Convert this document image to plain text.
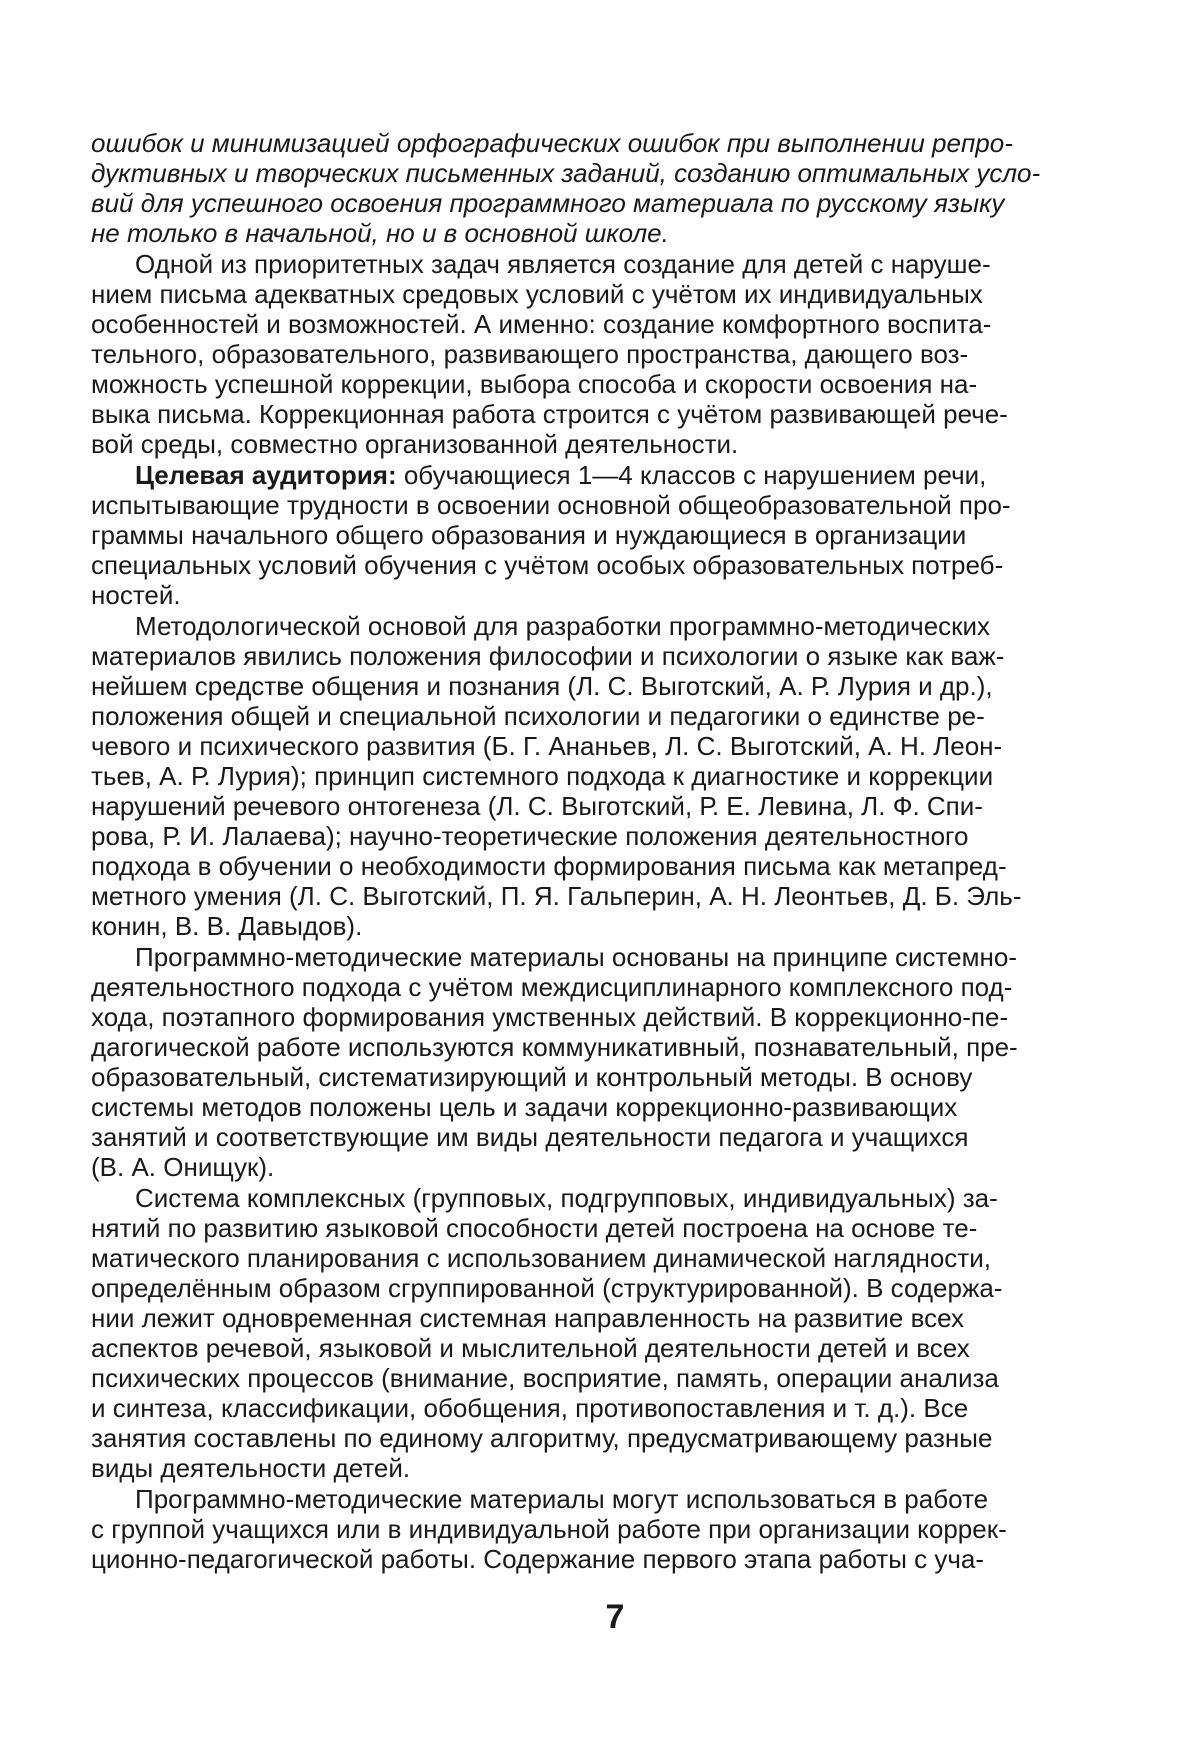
ошибок и минимизацией орфографических ошибок при выполнении репро-
дуктивных и творческих письменных заданий, созданию оптимальных усло-
вий для успешного освоения программного материала по русскому языку
не только в начальной, но и в основной школе.
Одной из приоритетных задач является создание для детей с наруше-
нием письма адекватных средовых условий с учётом их индивидуальных
особенностей и возможностей. А именно: создание комфортного воспита-
тельного, образовательного, развивающего пространства, дающего воз-
можность успешной коррекции, выбора способа и скорости освоения на-
выка письма. Коррекционная работа строится с учётом развивающей рече-
вой среды, совместно организованной деятельности.
Целевая аудитория: обучающиеся 1—4 классов с нарушением речи,
испытывающие трудности в освоении основной общеобразовательной про-
граммы начального общего образования и нуждающиеся в организации
специальных условий обучения с учётом особых образовательных потреб-
ностей.
Методологической основой для разработки программно-методических
материалов явились положения философии и психологии о языке как важ-
нейшем средстве общения и познания (Л. С. Выготский, А. Р. Лурия и др.),
положения общей и специальной психологии и педагогики о единстве ре-
чевого и психического развития (Б. Г. Ананьев, Л. С. Выготский, А. Н. Леон-
тьев, А. Р. Лурия); принцип системного подхода к диагностике и коррекции
нарушений речевого онтогенеза (Л. С. Выготский, Р. Е. Левина, Л. Ф. Спи-
рова, Р. И. Лалаева); научно-теоретические положения деятельностного
подхода в обучении о необходимости формирования письма как метапред-
метного умения (Л. С. Выготский, П. Я. Гальперин, А. Н. Леонтьев, Д. Б. Эль-
конин, В. В. Давыдов).
Программно-методические материалы основаны на принципе системно-
деятельностного подхода с учётом междисциплинарного комплексного под-
хода, поэтапного формирования умственных действий. В коррекционно-пе-
дагогической работе используются коммуникативный, познавательный, пре-
образовательный, систематизирующий и контрольный методы. В основу
системы методов положены цель и задачи коррекционно-развивающих
занятий и соответствующие им виды деятельности педагога и учащихся
(В. А. Онищук).
Система комплексных (групповых, подгрупповых, индивидуальных) за-
нятий по развитию языковой способности детей построена на основе те-
матического планирования с использованием динамической наглядности,
определённым образом сгруппированной (структурированной). В содержа-
нии лежит одновременная системная направленность на развитие всех
аспектов речевой, языковой и мыслительной деятельности детей и всех
психических процессов (внимание, восприятие, память, операции анализа
и синтеза, классификации, обобщения, противопоставления и т. д.). Все
занятия составлены по единому алгоритму, предусматривающему разные
виды деятельности детей.
Программно-методические материалы могут использоваться в работе
с группой учащихся или в индивидуальной работе при организации коррек-
ционно-педагогической работы. Содержание первого этапа работы с уча-
7
